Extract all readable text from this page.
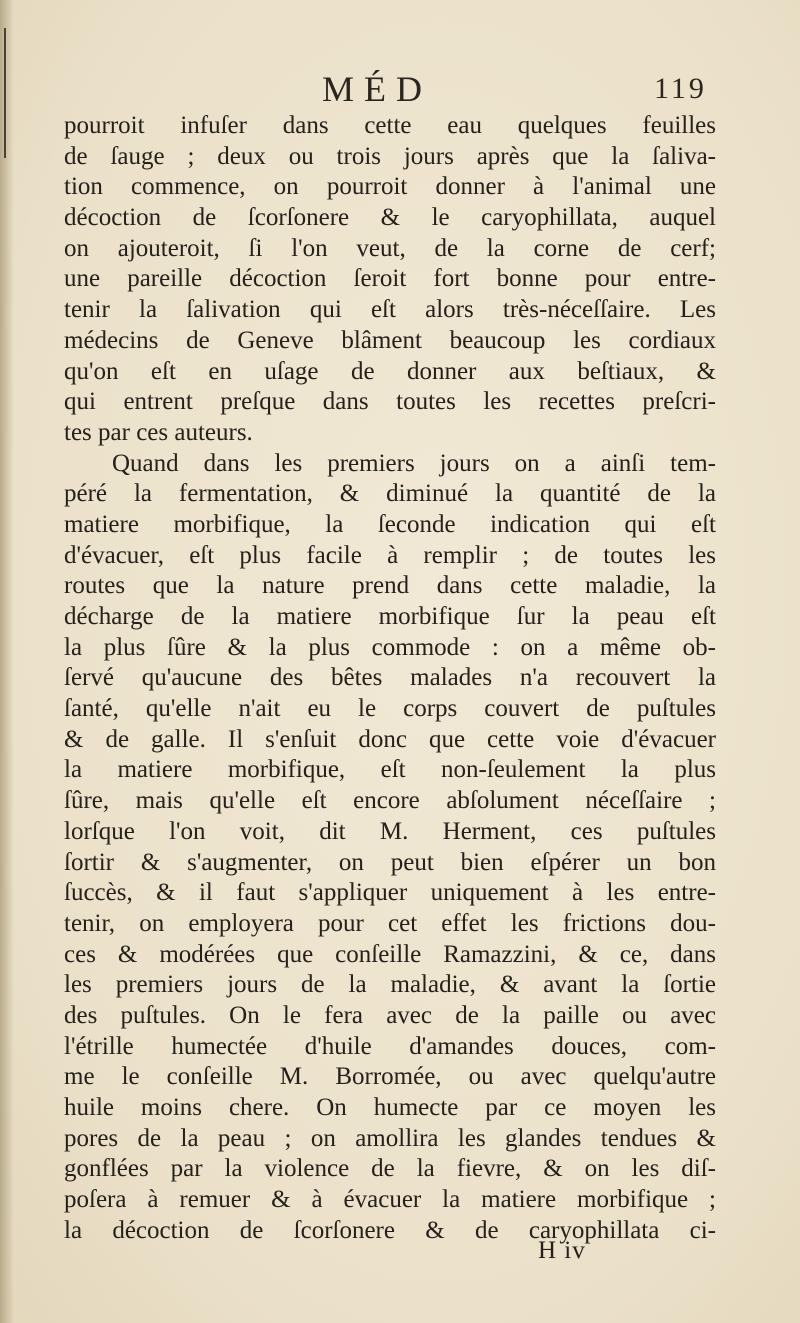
MÉD	119
pourroit infuſer dans cette eau quelques feuilles
de ſauge ; deux ou trois jours après que la ſaliva-
tion commence, on pourroit donner à l'animal une
décoction de ſcorſonere & le caryophillata, auquel
on ajouteroit, ſi l'on veut, de la corne de cerf;
une pareille décoction ſeroit fort bonne pour entre-
tenir la ſalivation qui eſt alors très-néceſſaire. Les
médecins de Geneve blâment beaucoup les cordiaux
qu'on eſt en uſage de donner aux beſtiaux, &
qui entrent preſque dans toutes les recettes preſcri-
tes par ces auteurs.
Quand dans les premiers jours on a ainſi tem-
péré la fermentation, & diminué la quantité de la
matiere morbifique, la ſeconde indication qui eſt
d'évacuer, eſt plus facile à remplir ; de toutes les
routes que la nature prend dans cette maladie, la
décharge de la matiere morbifique ſur la peau eſt
la plus ſûre & la plus commode : on a même ob-
ſervé qu'aucune des bêtes malades n'a recouvert la
ſanté, qu'elle n'ait eu le corps couvert de puſtules
& de galle. Il s'enſuit donc que cette voie d'évacuer
la matiere morbifique, eſt non-ſeulement la plus
ſûre, mais qu'elle eſt encore abſolument néceſſaire ;
lorſque l'on voit, dit M. Herment, ces puſtules
ſortir & s'augmenter, on peut bien eſpérer un bon
ſuccès, & il faut s'appliquer uniquement à les entre-
tenir, on employera pour cet effet les frictions dou-
ces & modérées que conſeille Ramazzini, & ce, dans
les premiers jours de la maladie, & avant la ſortie
des puſtules. On le fera avec de la paille ou avec
l'étrille humectée d'huile d'amandes douces, com-
me le conſeille M. Borromée, ou avec quelqu'autre
huile moins chere. On humecte par ce moyen les
pores de la peau ; on amollira les glandes tendues &
gonflées par la violence de la fievre, & on les diſ-
poſera à remuer & à évacuer la matiere morbifique ;
la décoction de ſcorſonere & de caryophillata ci-
H iv
